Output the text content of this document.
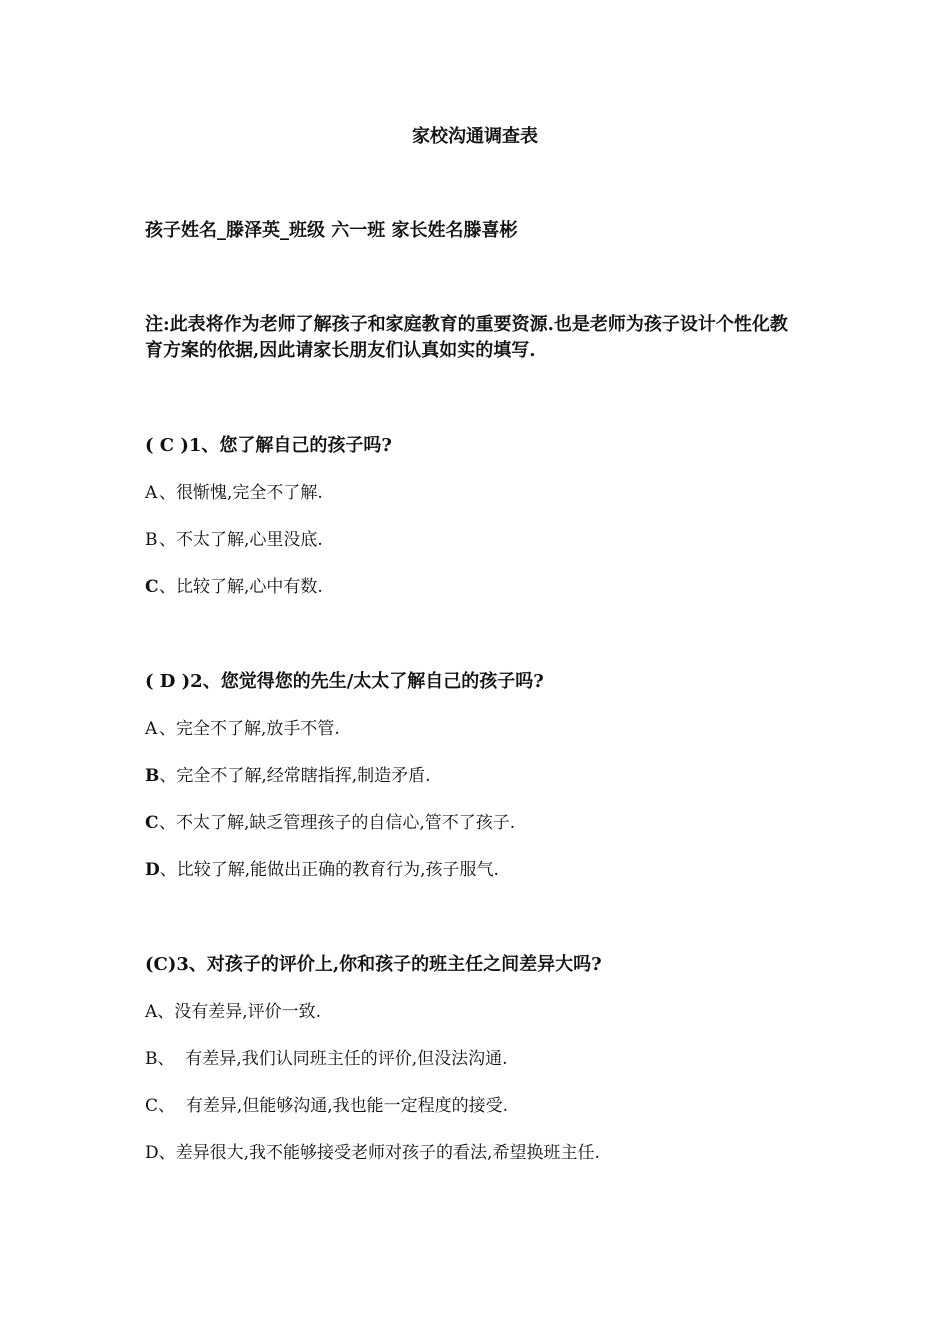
家校沟通调查表
孩子姓名_滕泽英_班级 六一班 家长姓名滕喜彬
注:此表将作为老师了解孩子和家庭教育的重要资源.也是老师为孩子设计个性化教育方案的依据,因此请家长朋友们认真如实的填写.
( C )1、您了解自己的孩子吗?
A 、很惭愧,完全不了解.
B、不太了解,心里没底.
C、比较了解,心中有数.
( D )2、您觉得您的先生/太太了解自己的孩子吗?
A 、完全不了解,放手不管.
B、完全不了解,经常瞎指挥,制造矛盾.
C、不太了解,缺乏管理孩子的自信心,管不了孩子.
D、比较了解,能做出正确的教育行为,孩子服气.
(C)3、对孩子的评价上,你和孩子的班主任之间差异大吗?
A、没有差异,评价一致.
B、  有差异,我们认同班主任的评价,但没法沟通.
C、  有差异,但能够沟通,我也能一定程度的接受.
D、差异很大,我不能够接受老师对孩子的看法,希望换班主任.
